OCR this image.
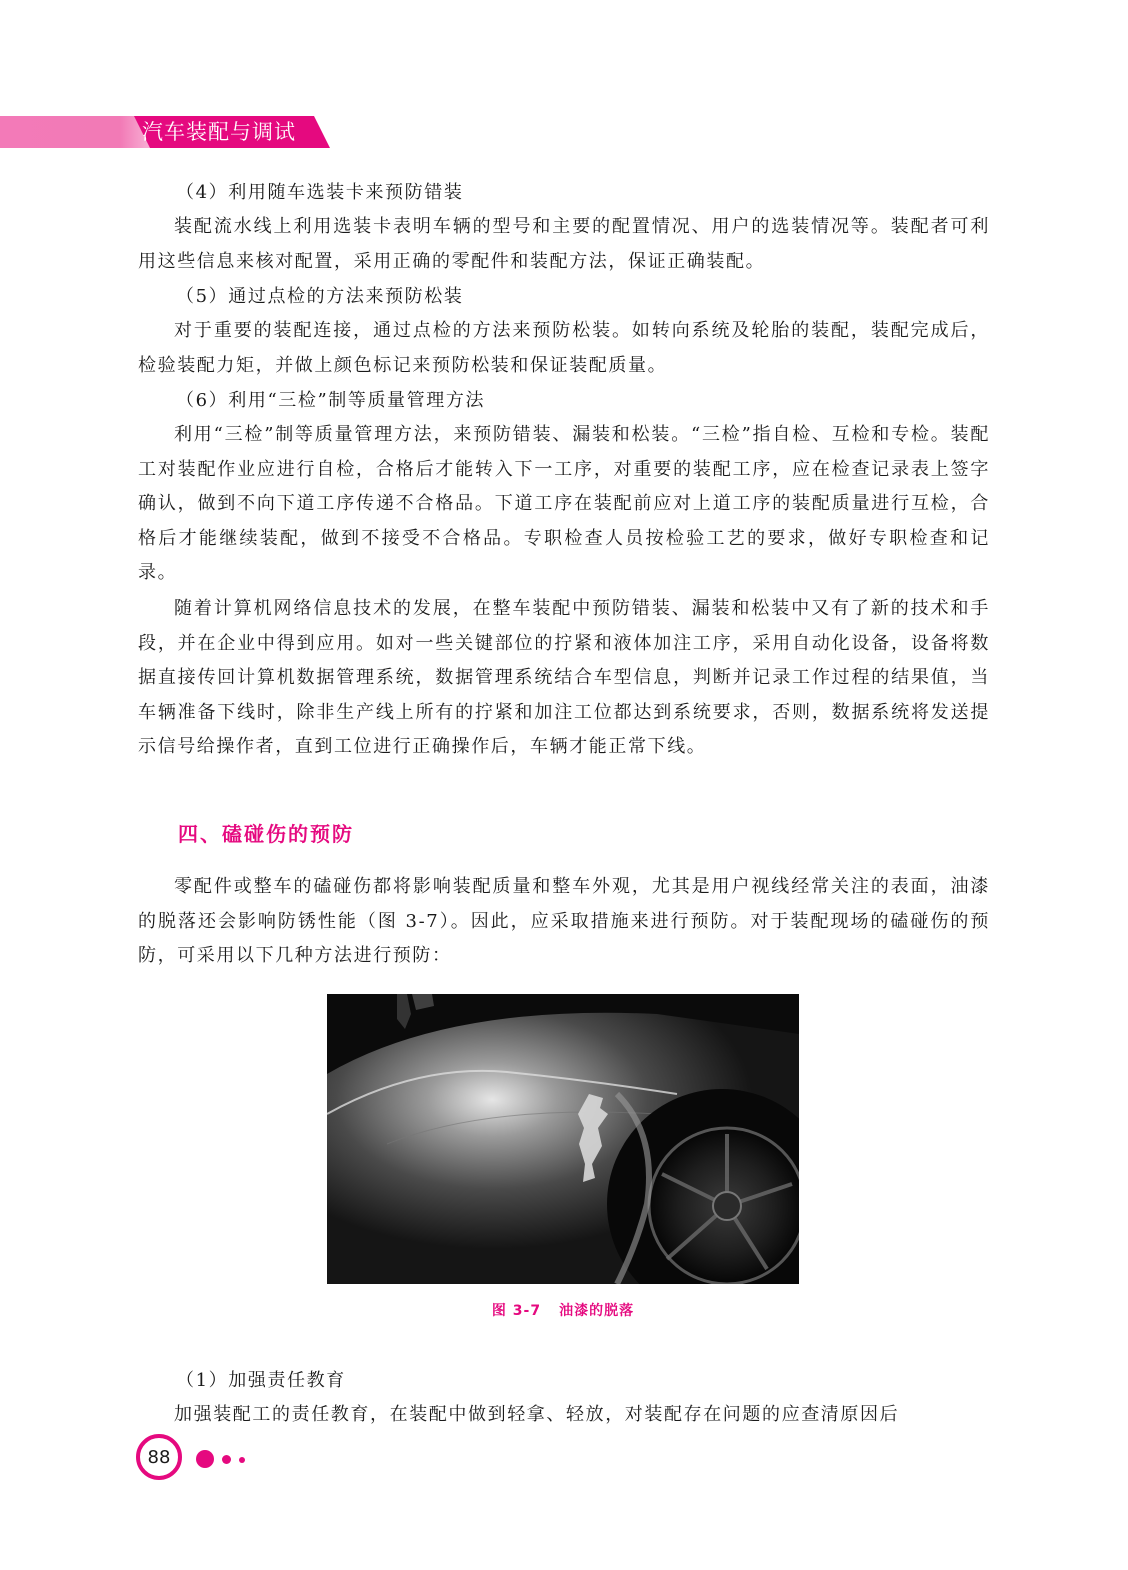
汽车装配与调试

（4）利用随车选装卡来预防错装

装配流水线上利用选装卡表明车辆的型号和主要的配置情况、用户的选装情况等。装配者可利用这些信息来核对配置，采用正确的零配件和装配方法，保证正确装配。

（5）通过点检的方法来预防松装

对于重要的装配连接，通过点检的方法来预防松装。如转向系统及轮胎的装配，装配完成后，检验装配力矩，并做上颜色标记来预防松装和保证装配质量。

（6）利用“三检”制等质量管理方法

利用“三检”制等质量管理方法，来预防错装、漏装和松装。“三检”指自检、互检和专检。装配工对装配作业应进行自检，合格后才能转入下一工序，对重要的装配工序，应在检查记录表上签字确认，做到不向下道工序传递不合格品。下道工序在装配前应对上道工序的装配质量进行互检，合格后才能继续装配，做到不接受不合格品。专职检查人员按检验工艺的要求，做好专职检查和记录。

随着计算机网络信息技术的发展，在整车装配中预防错装、漏装和松装中又有了新的技术和手段，并在企业中得到应用。如对一些关键部位的拧紧和液体加注工序，采用自动化设备，设备将数据直接传回计算机数据管理系统，数据管理系统结合车型信息，判断并记录工作过程的结果值，当车辆准备下线时，除非生产线上所有的拧紧和加注工位都达到系统要求，否则，数据系统将发送提示信号给操作者，直到工位进行正确操作后，车辆才能正常下线。

四、磕碰伤的预防

零配件或整车的磕碰伤都将影响装配质量和整车外观，尤其是用户视线经常关注的表面，油漆的脱落还会影响防锈性能（图 3-7）。因此，应采取措施来进行预防。对于装配现场的磕碰伤的预防，可采用以下几种方法进行预防：

图 3-7 油漆的脱落

（1）加强责任教育

加强装配工的责任教育，在装配中做到轻拿、轻放，对装配存在问题的应查清原因后

88
